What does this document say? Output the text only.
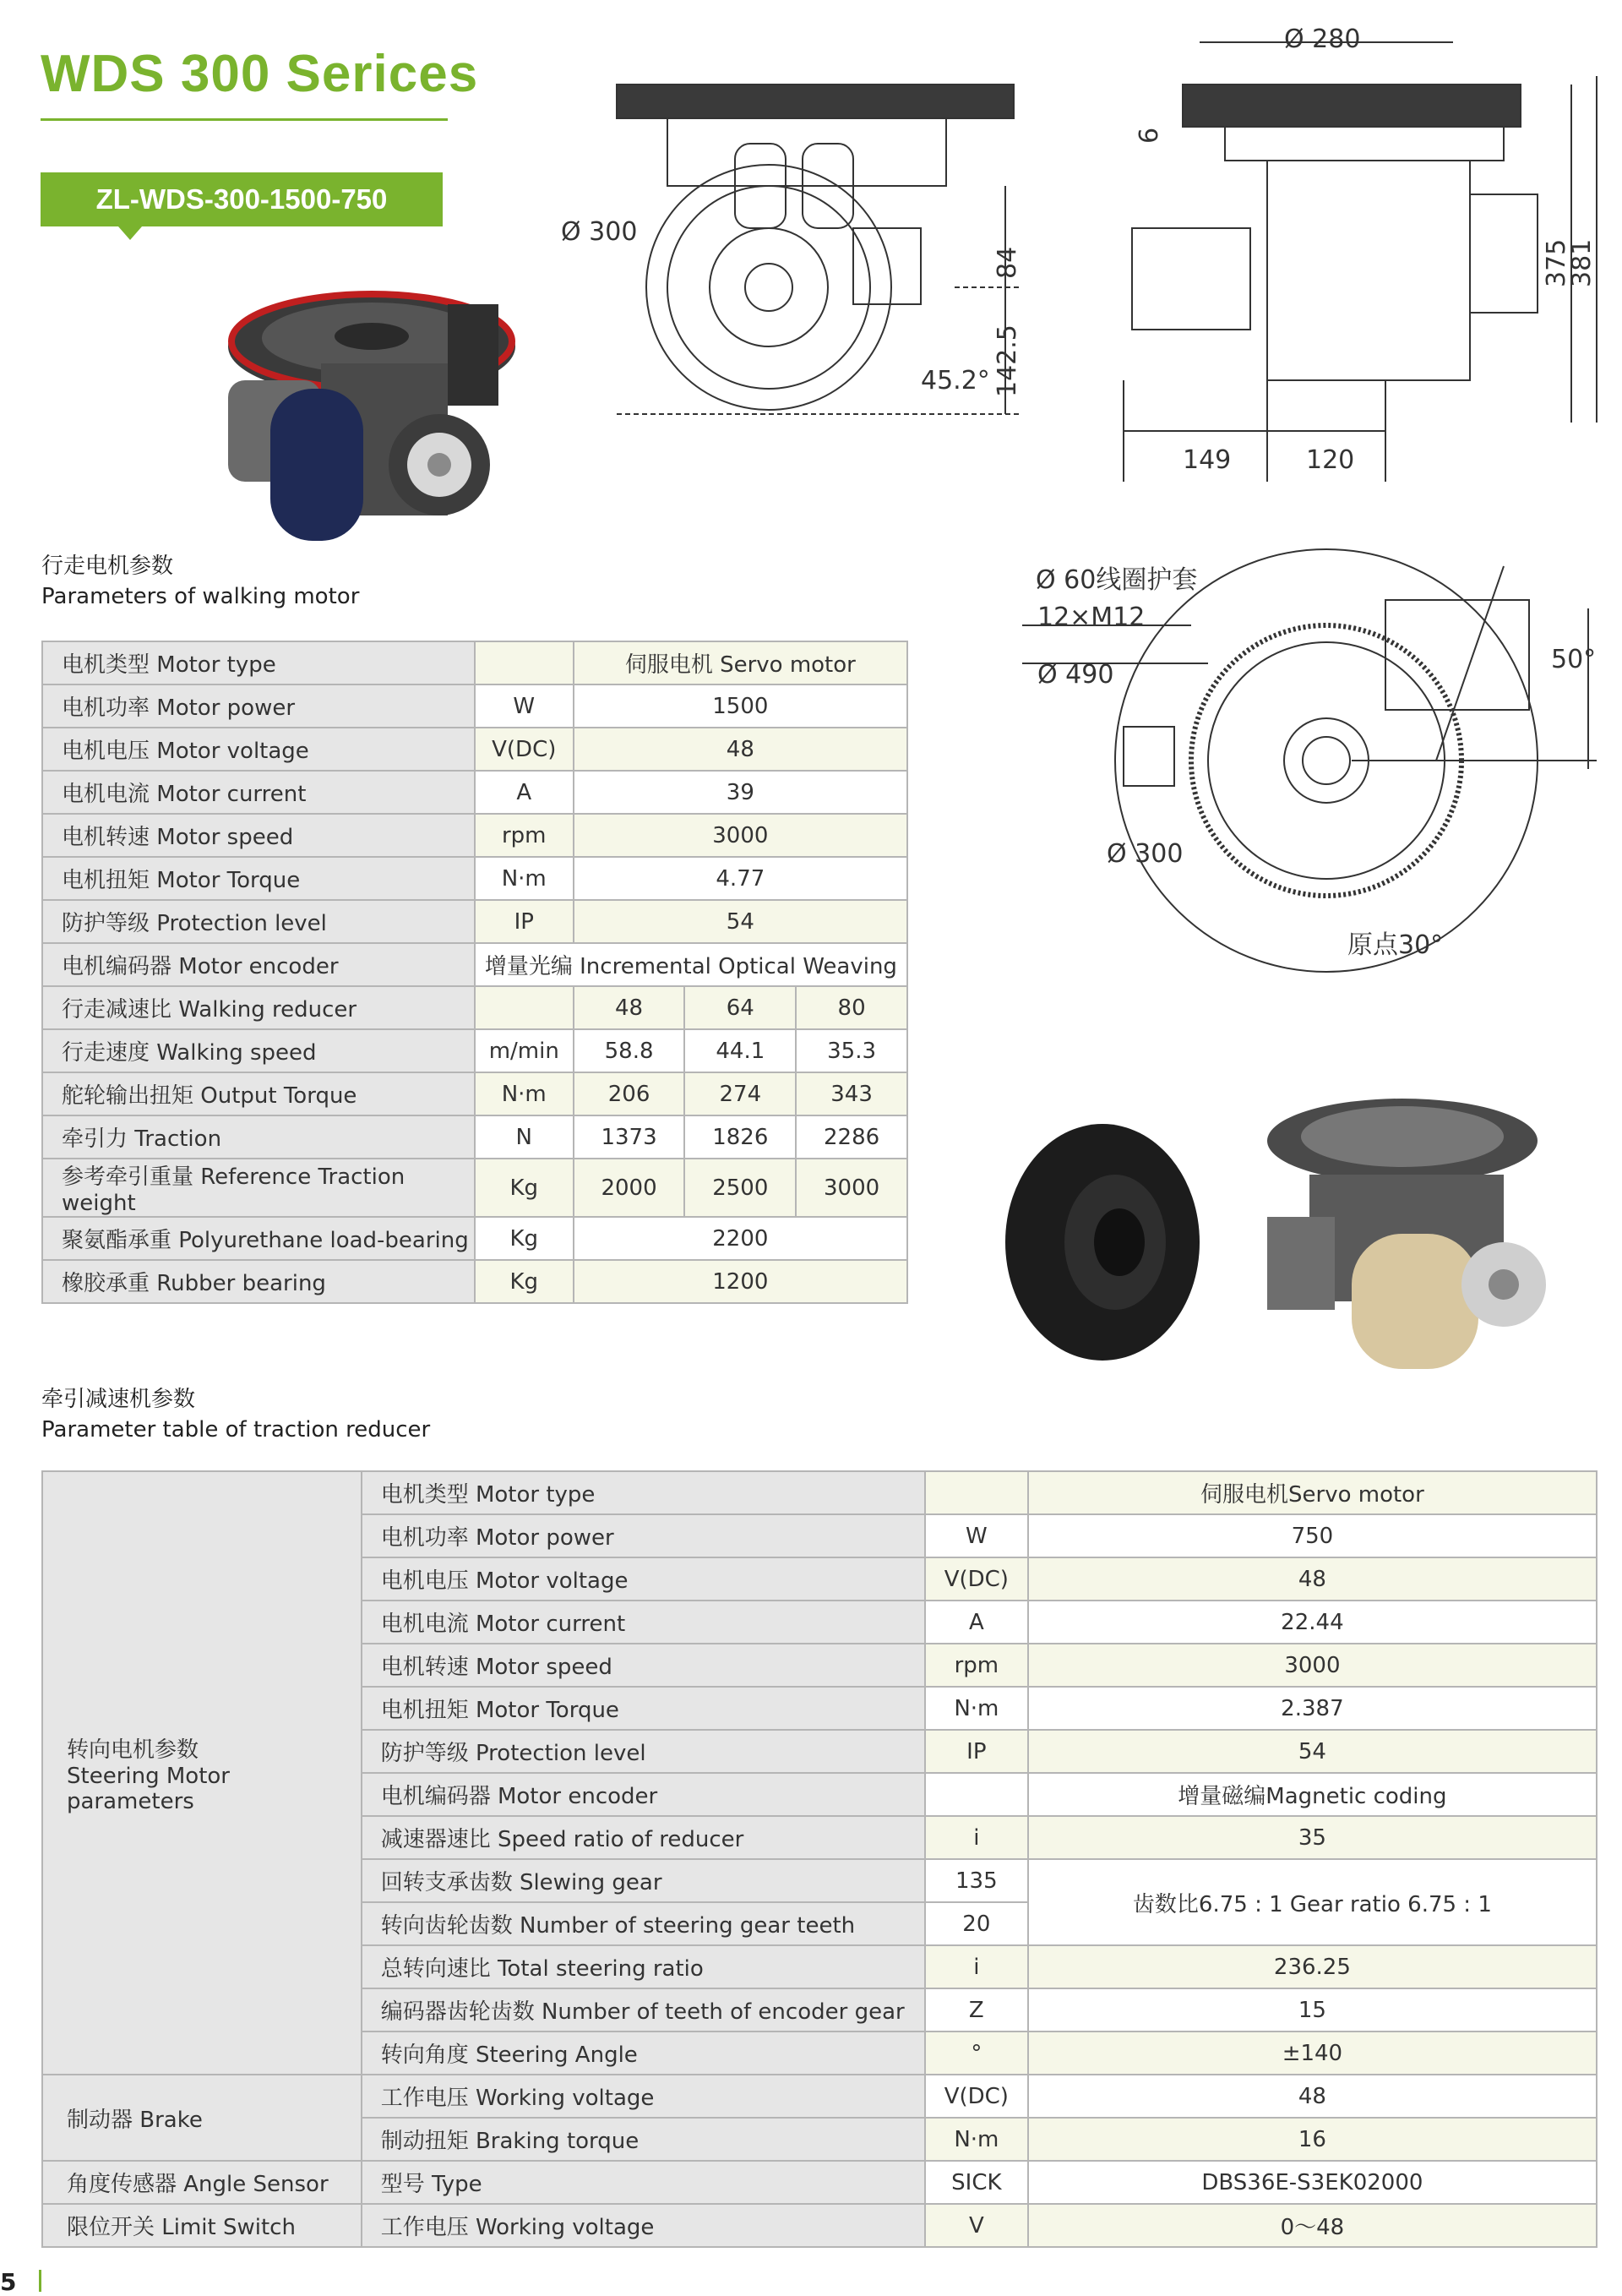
WDS 300 Serices
ZL-WDS-300-1500-750
Ø 300
45.2°
84
142.5
Ø 280
6
375
381
149	120
Ø 60线圈护套
12×M12
Ø 490
50°
Ø 300
原点30°
行走电机参数
Parameters of walking motor
电机类型 Motor type		伺服电机 Servo motor		
电机功率 Motor power	W	1500		
电机电压 Motor voltage	V(DC)	48		
电机电流 Motor current	A	39		
电机转速 Motor speed	rpm	3000		
电机扭矩 Motor Torque	N·m	4.77		
防护等级 Protection level	IP	54		
电机编码器 Motor encoder	增量光编 Incremental Optical Weaving			
行走减速比 Walking reducer		48	64	80
行走速度 Walking speed	m/min	58.8	44.1	35.3
舵轮输出扭矩 Output Torque	N·m	206	274	343
牵引力 Traction	N	1373	1826	2286
参考牵引重量 Reference Traction weight	Kg	2000	2500	3000
聚氨酯承重 Polyurethane load-bearing	Kg	2200		
橡胶承重 Rubber bearing	Kg	1200		
牵引减速机参数
Parameter table of traction reducer
转向电机参数
Steering Motor parameters	电机类型 Motor type		伺服电机Servo motor
	电机功率 Motor power	W	750
	电机电压 Motor voltage	V(DC)	48
	电机电流 Motor current	A	22.44
	电机转速 Motor speed	rpm	3000
	电机扭矩 Motor Torque	N·m	2.387
	防护等级 Protection level	IP	54
	电机编码器 Motor encoder		增量磁编Magnetic coding
	减速器速比 Speed ratio of reducer	i	35
	回转支承齿数 Slewing gear	135	齿数比6.75 : 1 Gear ratio 6.75 : 1
	转向齿轮齿数 Number of steering gear teeth	20	
	总转向速比 Total steering ratio	i	236.25
	编码器齿轮齿数 Number of teeth of encoder gear	Z	15
	转向角度 Steering Angle	°	±140
制动器 Brake	工作电压 Working voltage	V(DC)	48
	制动扭矩 Braking torque	N·m	16
角度传感器 Angle Sensor	型号 Type	SICK	DBS36E-S3EK02000
限位开关 Limit Switch	工作电压 Working voltage	V	0～48
5
